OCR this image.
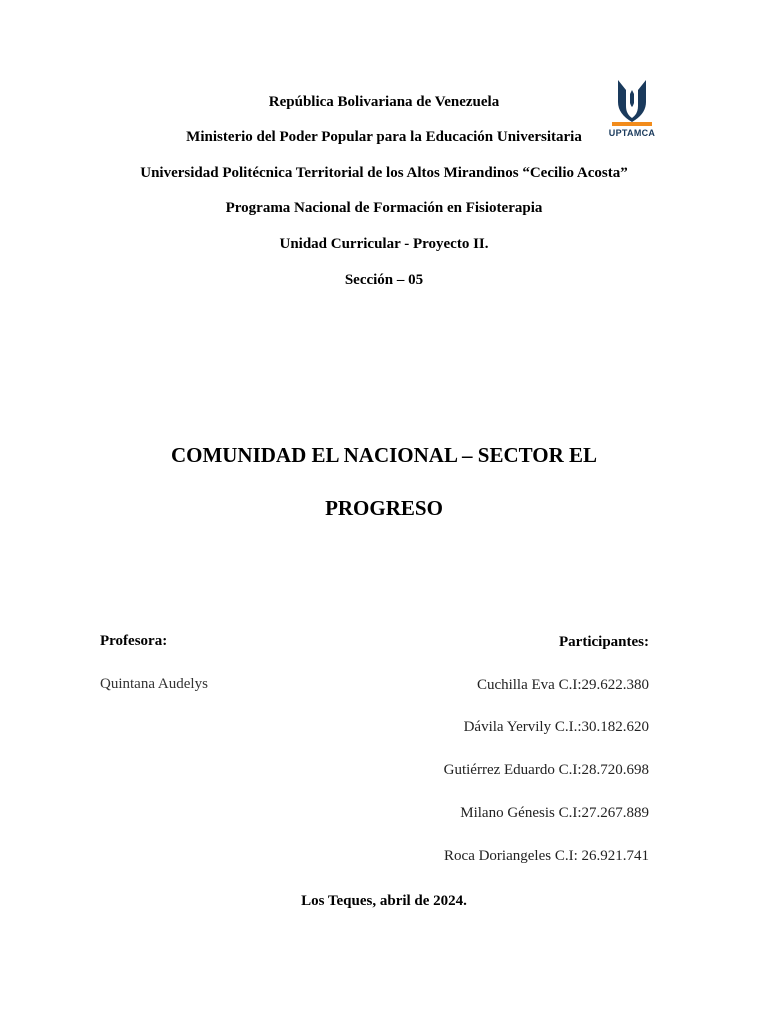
República Bolivariana de Venezuela

Ministerio del Poder Popular para la Educación Universitaria

Universidad Politécnica Territorial de los Altos Mirandinos “Cecilio Acosta”

Programa Nacional de Formación en Fisioterapia

Unidad Curricular - Proyecto II.

Sección – 05

UPTAMCA

COMUNIDAD EL NACIONAL – SECTOR EL

PROGRESO

Profesora:

Quintana Audelys

Participantes:

Cuchilla Eva C.I:29.622.380

Dávila Yervily C.I.:30.182.620

Gutiérrez Eduardo C.I:28.720.698

Milano Génesis C.I:27.267.889

Roca Doriangeles C.I: 26.921.741

Los Teques, abril de 2024.
